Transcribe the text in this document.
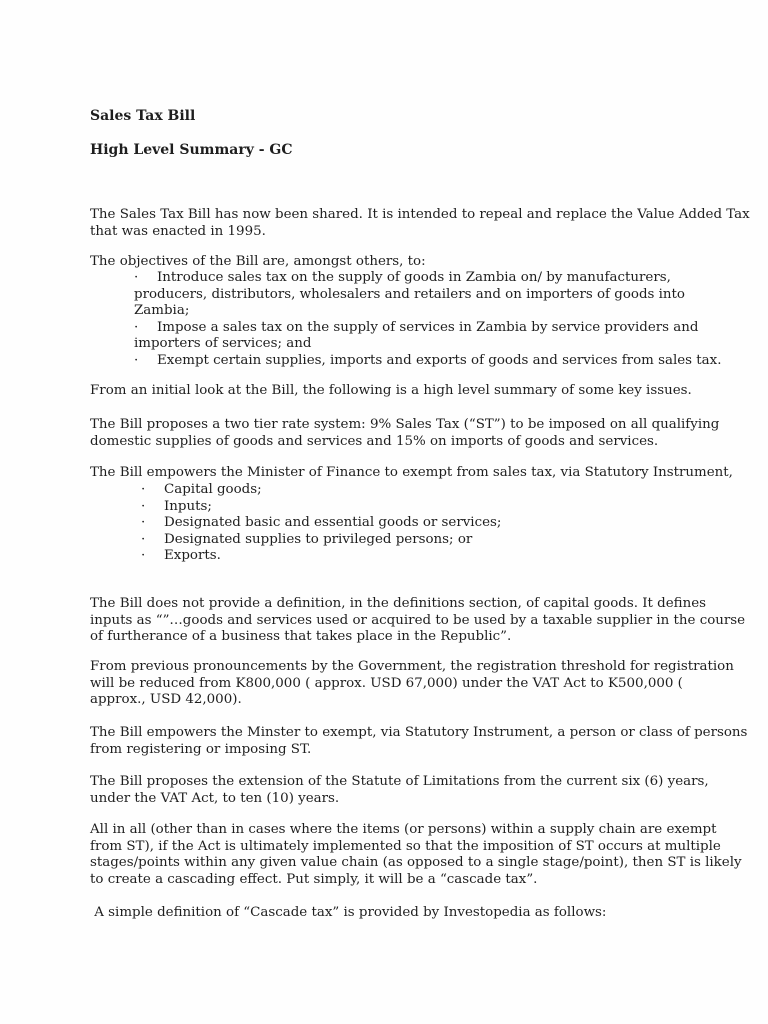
Sales Tax Bill

High Level Summary - GC

The Sales Tax Bill has now been shared. It is intended to repeal and replace the Value Added Tax
that was enacted in 1995.

The objectives of the Bill are, amongst others, to:

· Introduce sales tax on the supply of goods in Zambia on/ by manufacturers,
producers, distributors, wholesalers and retailers and on importers of goods into
Zambia;
· Impose a sales tax on the supply of services in Zambia by service providers and
importers of services; and
· Exempt certain supplies, imports and exports of goods and services from sales tax.

From an initial look at the Bill, the following is a high level summary of some key issues.

The Bill proposes a two tier rate system: 9% Sales Tax (“ST”) to be imposed on all qualifying
domestic supplies of goods and services and 15% on imports of goods and services.

The Bill empowers the Minister of Finance to exempt from sales tax, via Statutory Instrument,

· Capital goods;
· Inputs;
· Designated basic and essential goods or services;
· Designated supplies to privileged persons; or
· Exports.

The Bill does not provide a definition, in the definitions section, of capital goods. It defines
inputs as “”…goods and services used or acquired to be used by a taxable supplier in the course
of furtherance of a business that takes place in the Republic”.

From previous pronouncements by the Government, the registration threshold for registration
will be reduced from K800,000 ( approx. USD 67,000) under the VAT Act to K500,000 (
approx., USD 42,000).

The Bill empowers the Minster to exempt, via Statutory Instrument, a person or class of persons
from registering or imposing ST.

The Bill proposes the extension of the Statute of Limitations from the current six (6) years,
under the VAT Act, to ten (10) years.

All in all (other than in cases where the items (or persons) within a supply chain are exempt
from ST), if the Act is ultimately implemented so that the imposition of ST occurs at multiple
stages/points within any given value chain (as opposed to a single stage/point), then ST is likely
to create a cascading effect. Put simply, it will be a “cascade tax”.

A simple definition of “Cascade tax” is provided by Investopedia as follows:
